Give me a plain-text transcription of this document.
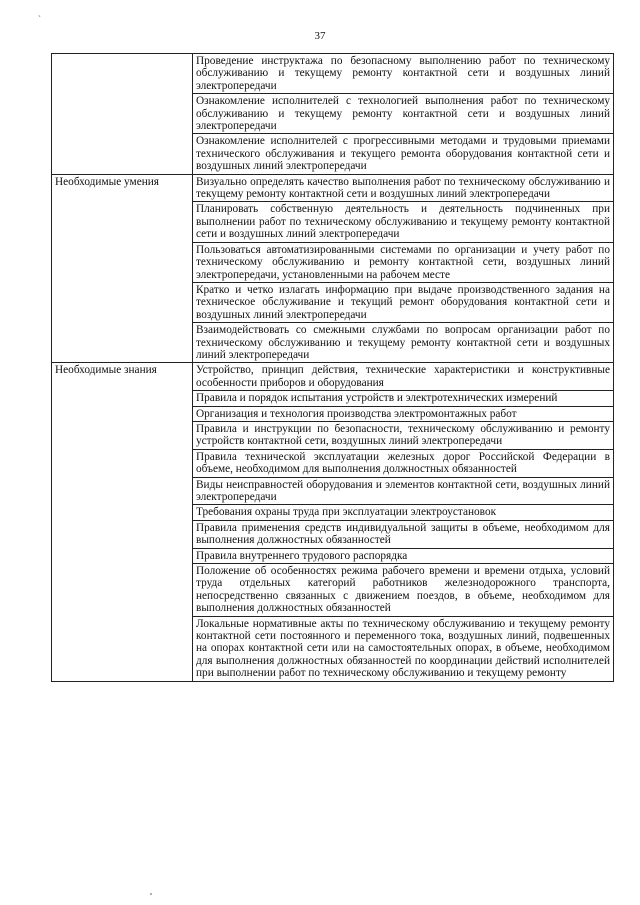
`
37
	Проведение инструктажа по безопасному выполнению работ по техническому обслуживанию и текущему ремонту контактной сети и воздушных линий электропередачи
	Ознакомление исполнителей с технологией выполнения работ по техническому обслуживанию и текущему ремонту контактной сети и воздушных линий электропередачи
	Ознакомление исполнителей с прогрессивными методами и трудовыми приемами технического обслуживания и текущего ремонта оборудования контактной сети и воздушных линий электропередачи
Необходимые умения	Визуально определять качество выполнения работ по техническому обслуживанию и текущему ремонту контактной сети и воздушных линий электропередачи
	Планировать собственную деятельность и деятельность подчиненных при выполнении работ по техническому обслуживанию и текущему ремонту контактной сети и воздушных линий электропередачи
	Пользоваться автоматизированными системами по организации и учету работ по техническому обслуживанию и ремонту контактной сети, воздушных линий электропередачи, установленными на рабочем месте
	Кратко и четко излагать информацию при выдаче производственного задания на техническое обслуживание и текущий ремонт оборудования контактной сети и воздушных линий электропередачи
	Взаимодействовать со смежными службами по вопросам организации работ по техническому обслуживанию и текущему ремонту контактной сети и воздушных линий электропередачи
Необходимые знания	Устройство, принцип действия, технические характеристики и конструктивные особенности приборов и оборудования
	Правила и порядок испытания устройств и электротехнических измерений
	Организация и технология производства электромонтажных работ
	Правила и инструкции по безопасности, техническому обслуживанию и ремонту устройств контактной сети, воздушных линий электропередачи
	Правила технической эксплуатации железных дорог Российской Федерации в объеме, необходимом для выполнения должностных обязанностей
	Виды неисправностей оборудования и элементов контактной сети, воздушных линий электропередачи
	Требования охраны труда при эксплуатации электроустановок
	Правила применения средств индивидуальной защиты в объеме, необходимом для выполнения должностных обязанностей
	Правила внутреннего трудового распорядка
	Положение об особенностях режима рабочего времени и времени отдыха, условий труда отдельных категорий работников железнодорожного транспорта, непосредственно связанных с движением поездов, в объеме, необходимом для выполнения должностных обязанностей
	Локальные нормативные акты по техническому обслуживанию и текущему ремонту контактной сети постоянного и переменного тока, воздушных линий, подвешенных на опорах контактной сети или на самостоятельных опорах, в объеме, необходимом для выполнения должностных обязанностей по координации действий исполнителей при выполнении работ по техническому обслуживанию и текущему ремонту
